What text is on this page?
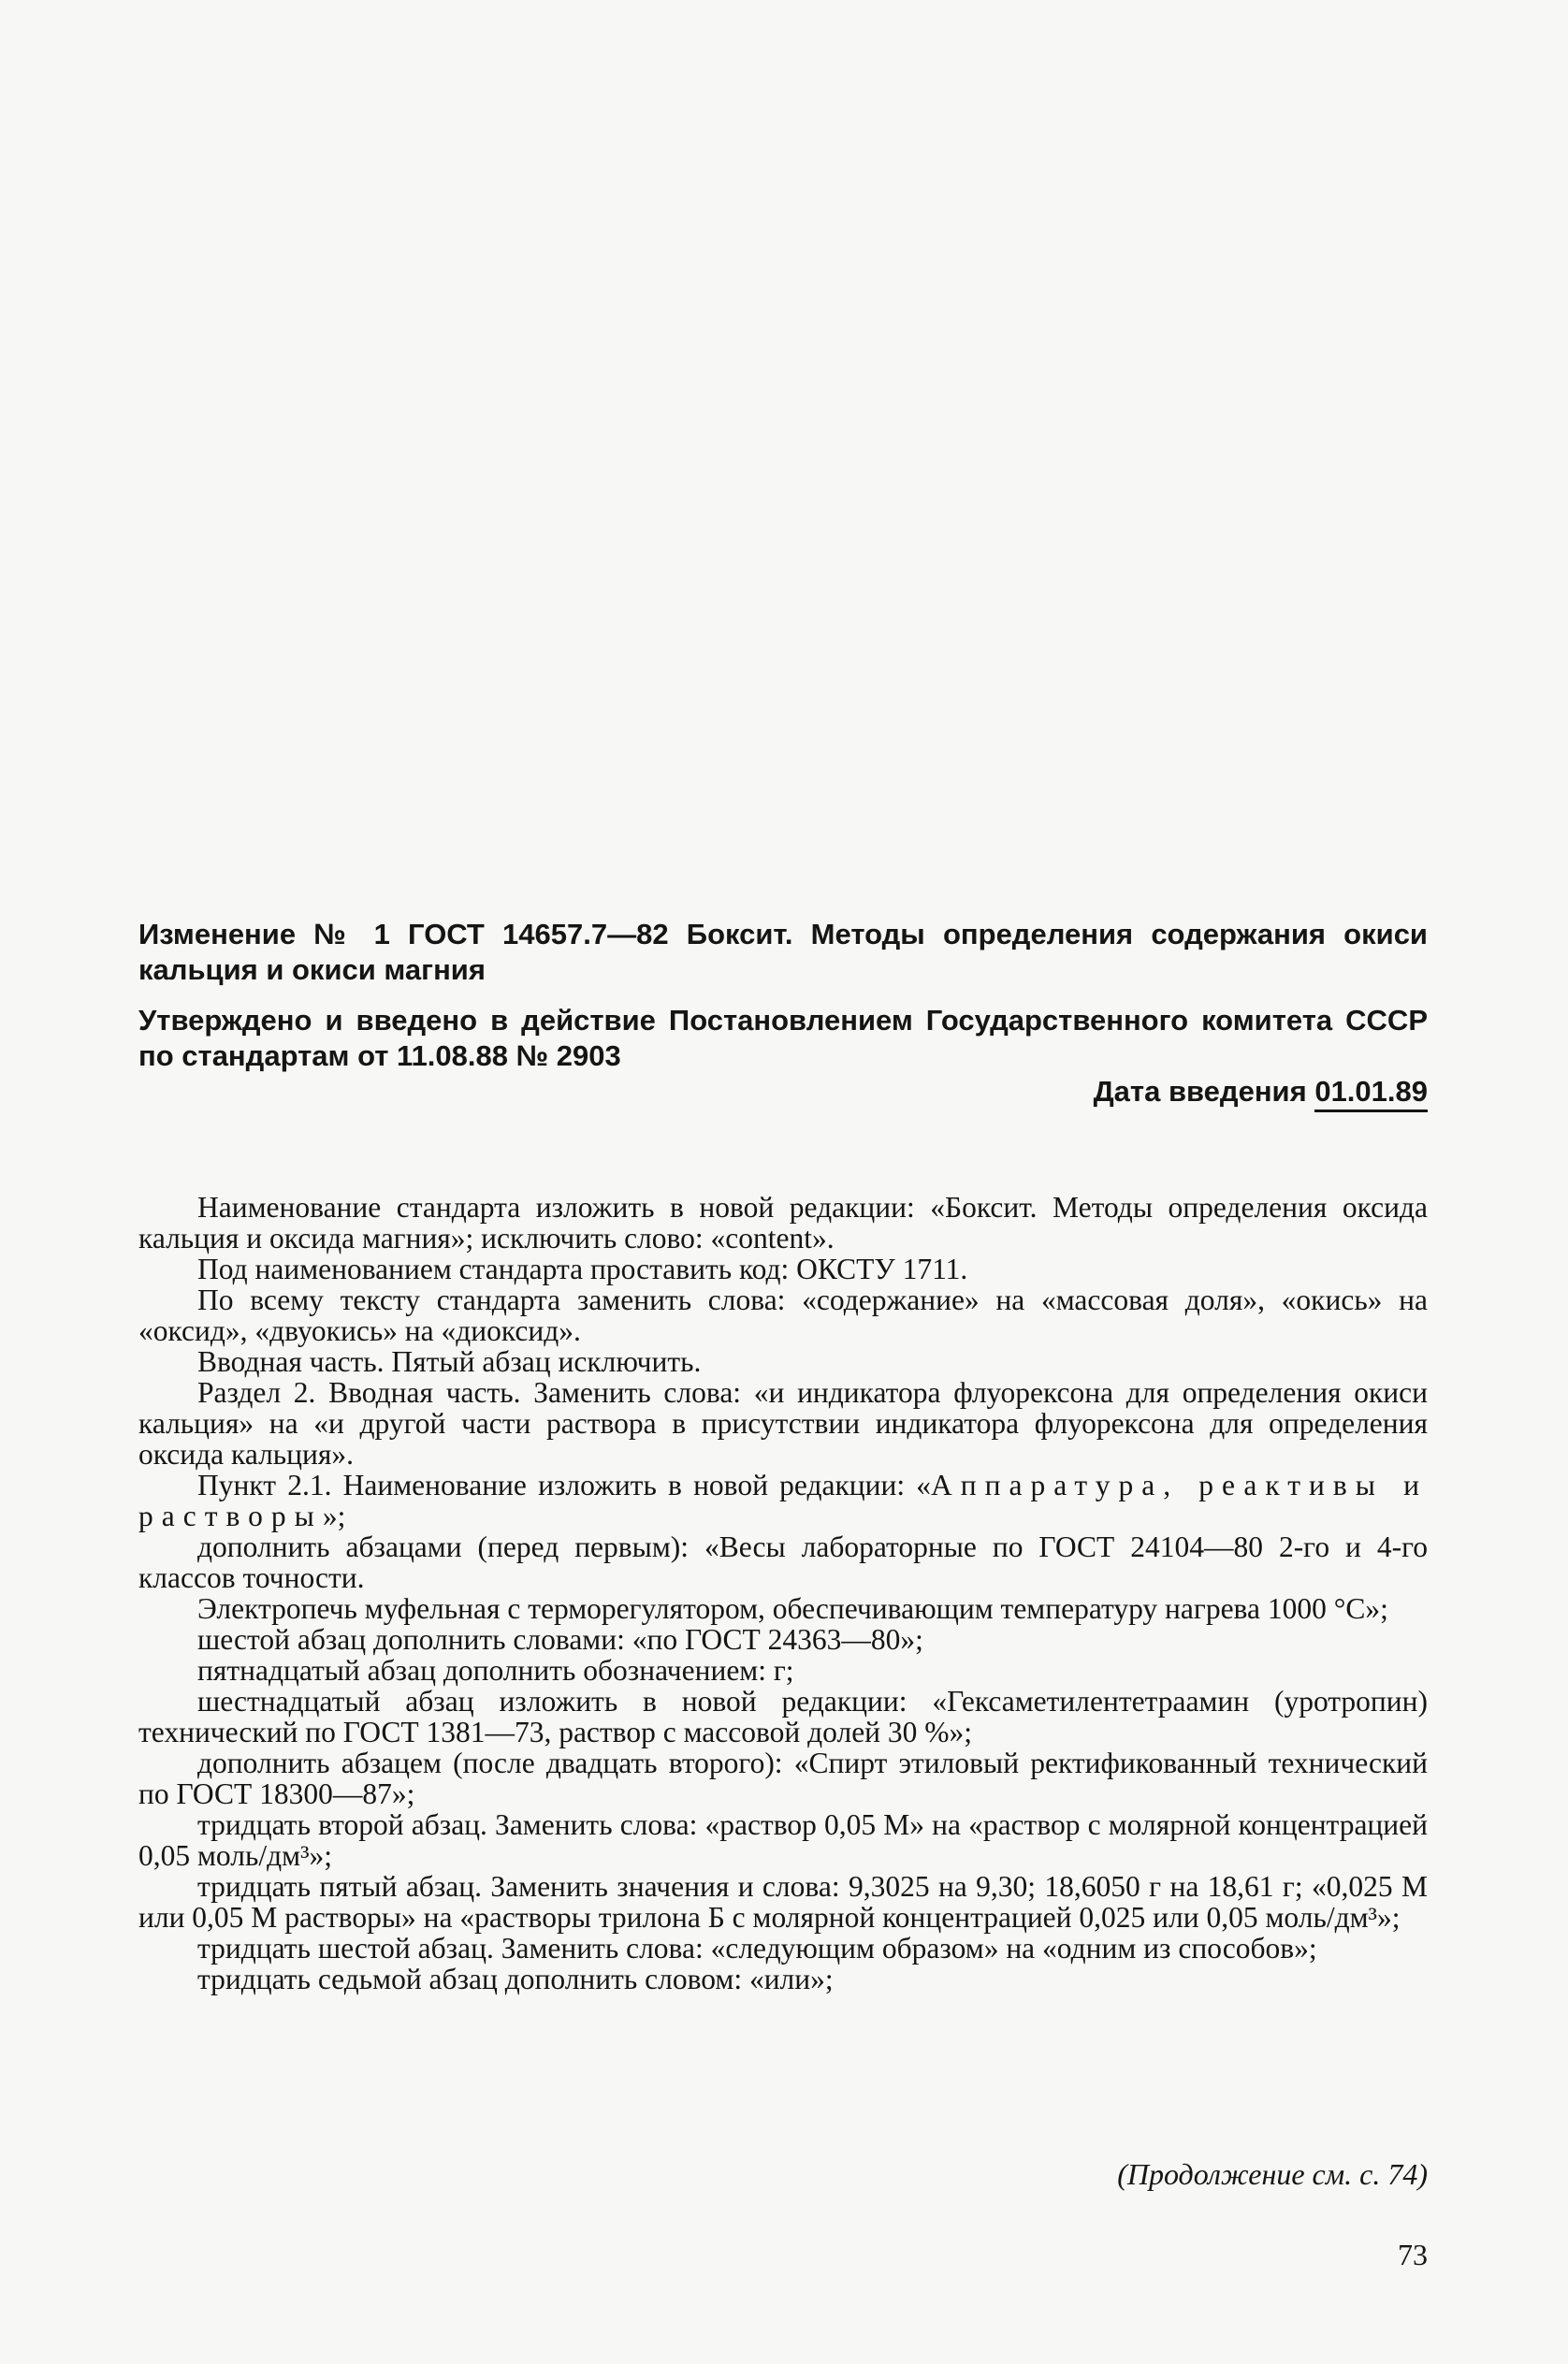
Изменение № 1 ГОСТ 14657.7—82 Боксит. Методы определения содержания окиси кальция и окиси магния

Утверждено и введено в действие Постановлением Государственного комитета СССР по стандартам от 11.08.88 № 2903

Дата введения 01.01.89

Наименование стандарта изложить в новой редакции: «Боксит. Методы определения оксида кальция и оксида магния»; исключить слово: «content».

Под наименованием стандарта проставить код: ОКСТУ 1711.

По всему тексту стандарта заменить слова: «содержание» на «массовая доля», «окись» на «оксид», «двуокись» на «диоксид».

Вводная часть. Пятый абзац исключить.

Раздел 2. Вводная часть. Заменить слова: «и индикатора флуорексона для определения окиси кальция» на «и другой части раствора в присутствии индикатора флуорексона для определения оксида кальция».

Пункт 2.1. Наименование изложить в новой редакции: «Аппаратура, реактивы и растворы»;

дополнить абзацами (перед первым): «Весы лабораторные по ГОСТ 24104—80 2-го и 4-го классов точности.

Электропечь муфельная с терморегулятором, обеспечивающим температуру нагрева 1000 °С»;

шестой абзац дополнить словами: «по ГОСТ 24363—80»;

пятнадцатый абзац дополнить обозначением: г;

шестнадцатый абзац изложить в новой редакции: «Гексаметилентетраамин (уротропин) технический по ГОСТ 1381—73, раствор с массовой долей 30 %»;

дополнить абзацем (после двадцать второго): «Спирт этиловый ректификованный технический по ГОСТ 18300—87»;

тридцать второй абзац. Заменить слова: «раствор 0,05 М» на «раствор с молярной концентрацией 0,05 моль/дм³»;

тридцать пятый абзац. Заменить значения и слова: 9,3025 на 9,30; 18,6050 г на 18,61 г; «0,025 М или 0,05 М растворы» на «растворы трилона Б с молярной концентрацией 0,025 или 0,05 моль/дм³»;

тридцать шестой абзац. Заменить слова: «следующим образом» на «одним из способов»;

тридцать седьмой абзац дополнить словом: «или»;

(Продолжение см. с. 74)
73
